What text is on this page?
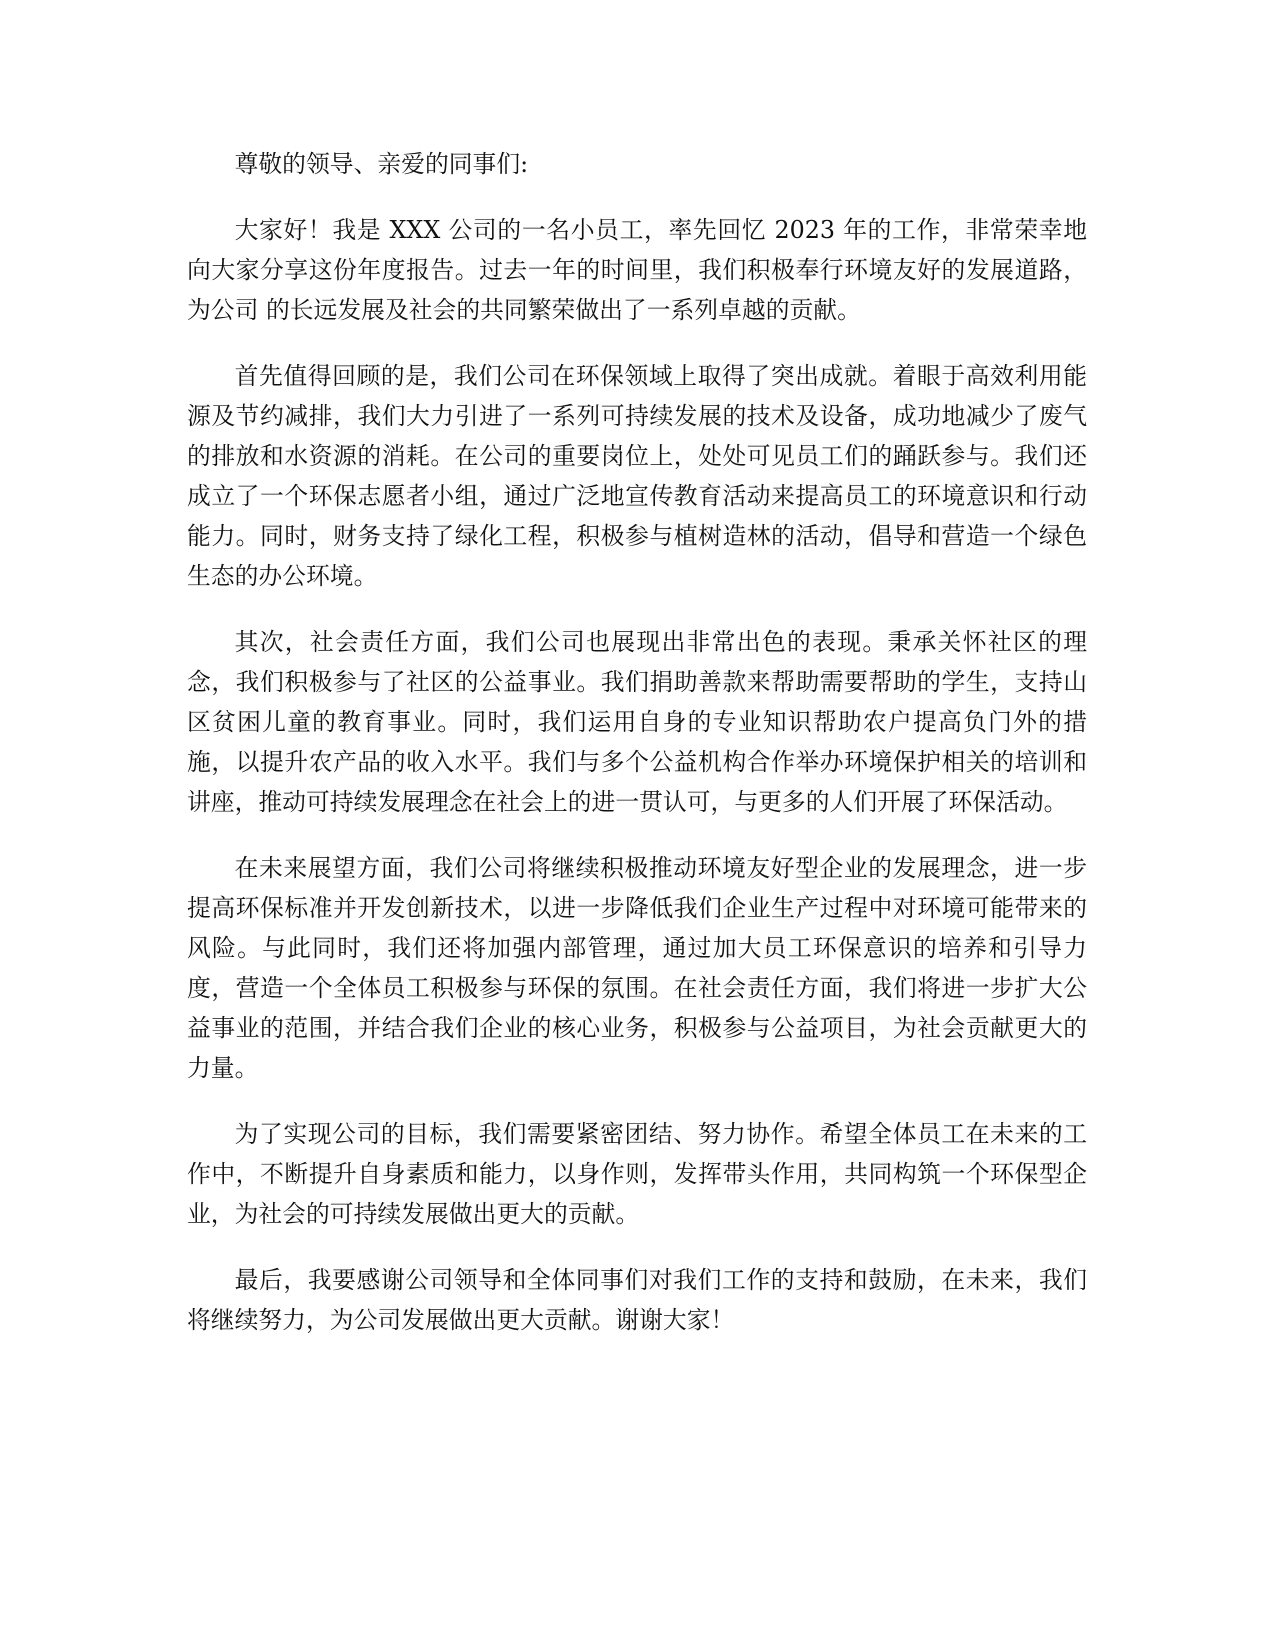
尊敬的领导、亲爱的同事们:

大家好！我是 XXX 公司的一名小员工，率先回忆 2023 年的工作，非常荣幸地向大家分享这份年度报告。过去一年的时间里，我们积极奉行环境友好的发展道路，为公司 的长远发展及社会的共同繁荣做出了一系列卓越的贡献。

首先值得回顾的是，我们公司在环保领域上取得了突出成就。着眼于高效利用能源及节约减排，我们大力引进了一系列可持续发展的技术及设备，成功地减少了废气的排放和水资源的消耗。在公司的重要岗位上，处处可见员工们的踊跃参与。我们还成立了一个环保志愿者小组，通过广泛地宣传教育活动来提高员工的环境意识和行动能力。同时，财务支持了绿化工程，积极参与植树造林的活动，倡导和营造一个绿色生态的办公环境。

其次，社会责任方面，我们公司也展现出非常出色的表现。秉承关怀社区的理念，我们积极参与了社区的公益事业。我们捐助善款来帮助需要帮助的学生，支持山区贫困儿童的教育事业。同时，我们运用自身的专业知识帮助农户提高负门外的措施，以提升农产品的收入水平。我们与多个公益机构合作举办环境保护相关的培训和讲座，推动可持续发展理念在社会上的进一贯认可，与更多的人们开展了环保活动。

在未来展望方面，我们公司将继续积极推动环境友好型企业的发展理念，进一步提高环保标准并开发创新技术，以进一步降低我们企业生产过程中对环境可能带来的风险。与此同时，我们还将加强内部管理，通过加大员工环保意识的培养和引导力度，营造一个全体员工积极参与环保的氛围。在社会责任方面，我们将进一步扩大公益事业的范围，并结合我们企业的核心业务，积极参与公益项目，为社会贡献更大的力量。

为了实现公司的目标，我们需要紧密团结、努力协作。希望全体员工在未来的工作中，不断提升自身素质和能力，以身作则，发挥带头作用，共同构筑一个环保型企业，为社会的可持续发展做出更大的贡献。

最后，我要感谢公司领导和全体同事们对我们工作的支持和鼓励，在未来，我们将继续努力，为公司发展做出更大贡献。谢谢大家！
